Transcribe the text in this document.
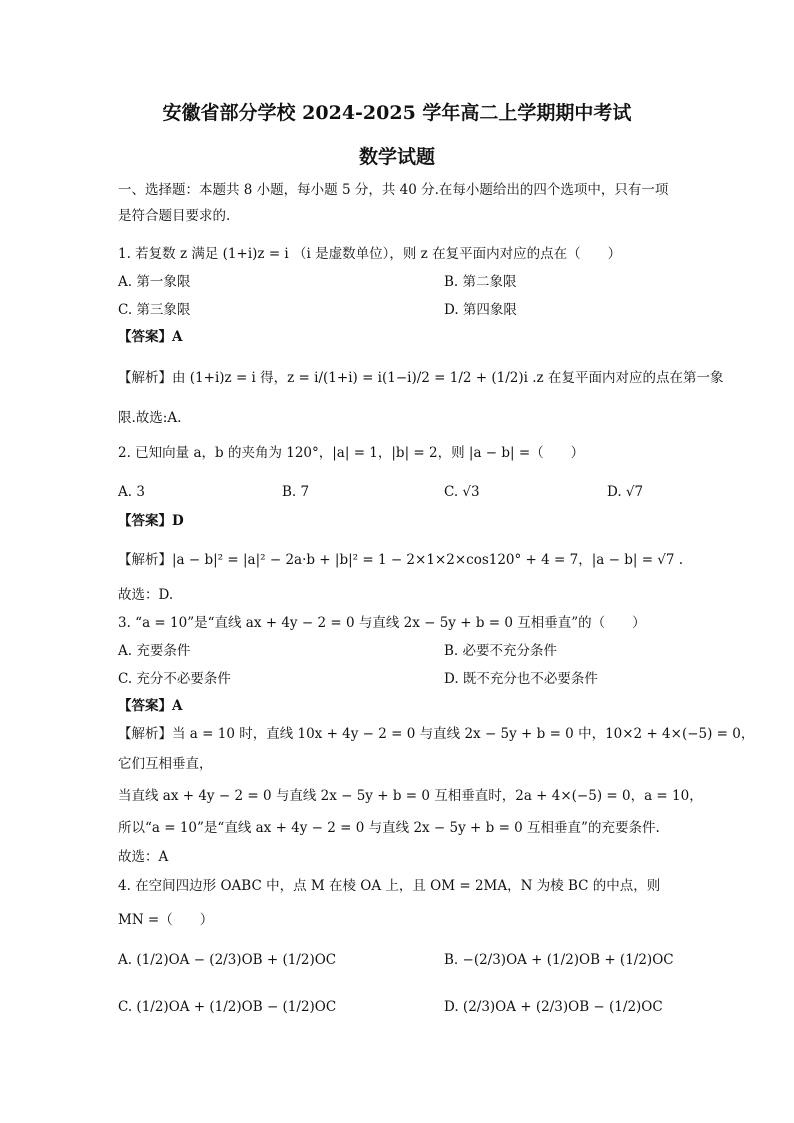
安徽省部分学校 2024-2025 学年高二上学期期中考试
数学试题
一、选择题：本题共 8 小题，每小题 5 分，共 40 分.在每小题给出的四个选项中，只有一项
是符合题目要求的.
1. 若复数 z 满足 (1+i)z = i （i 是虚数单位），则 z 在复平面内对应的点在（　　）
A. 第一象限	B. 第二象限
C. 第三象限	D. 第四象限
【答案】A
【解析】由 (1+i)z = i 得，z = i/(1+i) = i(1−i)/2 = 1/2 + (1/2)i .z 在复平面内对应的点在第一象
限.故选:A.
2. 已知向量 a，b 的夹角为 120°，|a| = 1，|b| = 2，则 |a − b| =（　　）
A. 3	B. 7	C. √3	D. √7
【答案】D
【解析】|a − b|² = |a|² − 2a·b + |b|² = 1 − 2×1×2×cos120° + 4 = 7，|a − b| = √7 .
故选：D.
3. “a = 10”是“直线 ax + 4y − 2 = 0 与直线 2x − 5y + b = 0 互相垂直”的（　　）
A. 充要条件	B. 必要不充分条件
C. 充分不必要条件	D. 既不充分也不必要条件
【答案】A
【解析】当 a = 10 时，直线 10x + 4y − 2 = 0 与直线 2x − 5y + b = 0 中，10×2 + 4×(−5) = 0，
它们互相垂直，
当直线 ax + 4y − 2 = 0 与直线 2x − 5y + b = 0 互相垂直时，2a + 4×(−5) = 0，a = 10，
所以“a = 10”是“直线 ax + 4y − 2 = 0 与直线 2x − 5y + b = 0 互相垂直”的充要条件.
故选：A
4. 在空间四边形 OABC 中，点 M 在棱 OA 上，且 OM = 2MA，N 为棱 BC 的中点，则
MN =（　　）
A. (1/2)OA − (2/3)OB + (1/2)OC	B. −(2/3)OA + (1/2)OB + (1/2)OC
C. (1/2)OA + (1/2)OB − (1/2)OC	D. (2/3)OA + (2/3)OB − (1/2)OC
